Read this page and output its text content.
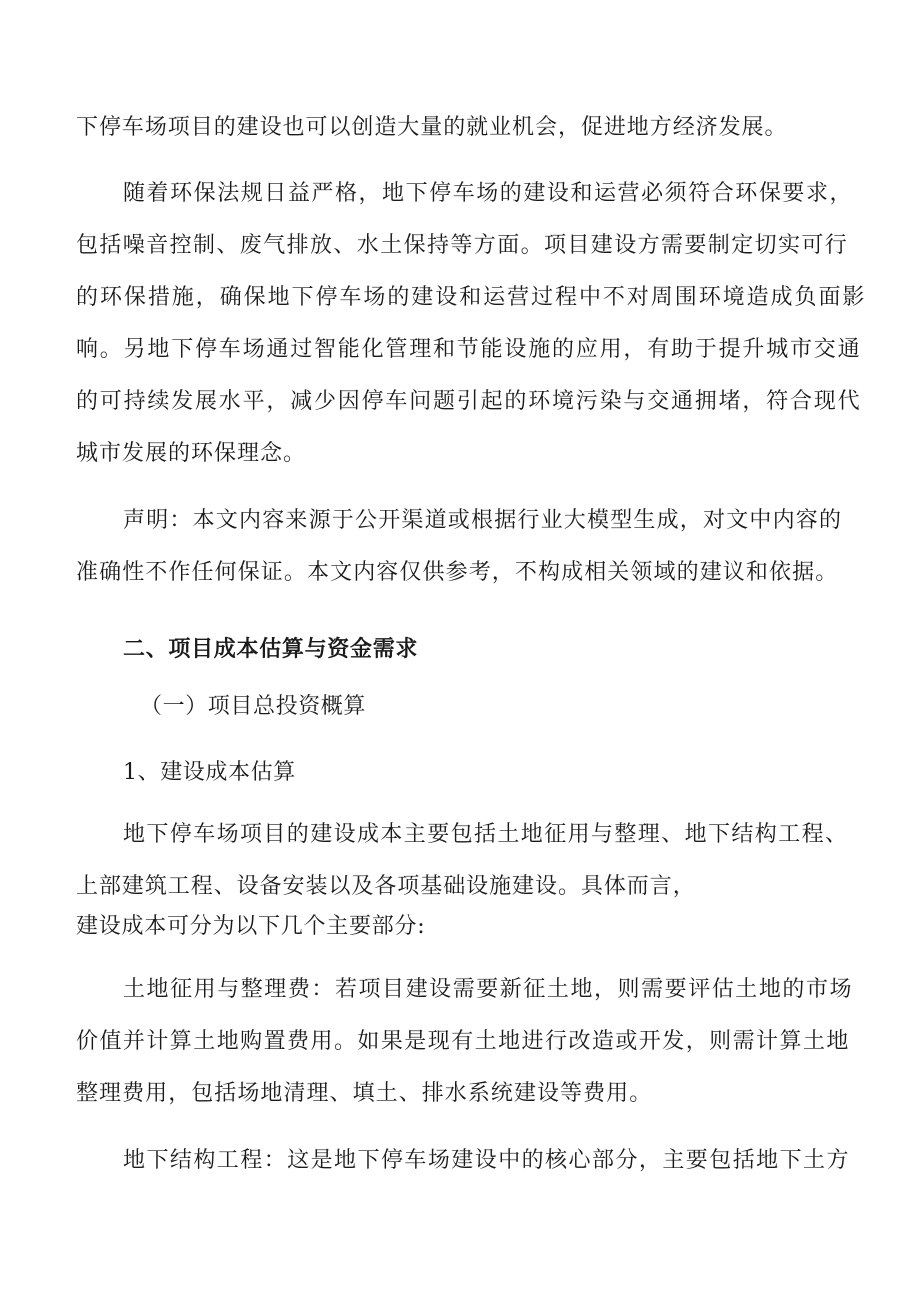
下停车场项目的建设也可以创造大量的就业机会，促进地方经济发展。
随着环保法规日益严格，地下停车场的建设和运营必须符合环保要求，
包括噪音控制、废气排放、水土保持等方面。项目建设方需要制定切实可行
的环保措施，确保地下停车场的建设和运营过程中不对周围环境造成负面影
响。另地下停车场通过智能化管理和节能设施的应用，有助于提升城市交通
的可持续发展水平，减少因停车问题引起的环境污染与交通拥堵，符合现代
城市发展的环保理念。
声明：本文内容来源于公开渠道或根据行业大模型生成，对文中内容的
准确性不作任何保证。本文内容仅供参考，不构成相关领域的建议和依据。
二、项目成本估算与资金需求
（一）项目总投资概算
1、建设成本估算
地下停车场项目的建设成本主要包括土地征用与整理、地下结构工程、
上部建筑工程、设备安装以及各项基础设施建设。具体而言，
建设成本可分为以下几个主要部分:
土地征用与整理费：若项目建设需要新征土地，则需要评估土地的市场
价值并计算土地购置费用。如果是现有土地进行改造或开发，则需计算土地
整理费用，包括场地清理、填土、排水系统建设等费用。
地下结构工程：这是地下停车场建设中的核心部分，主要包括地下土方
